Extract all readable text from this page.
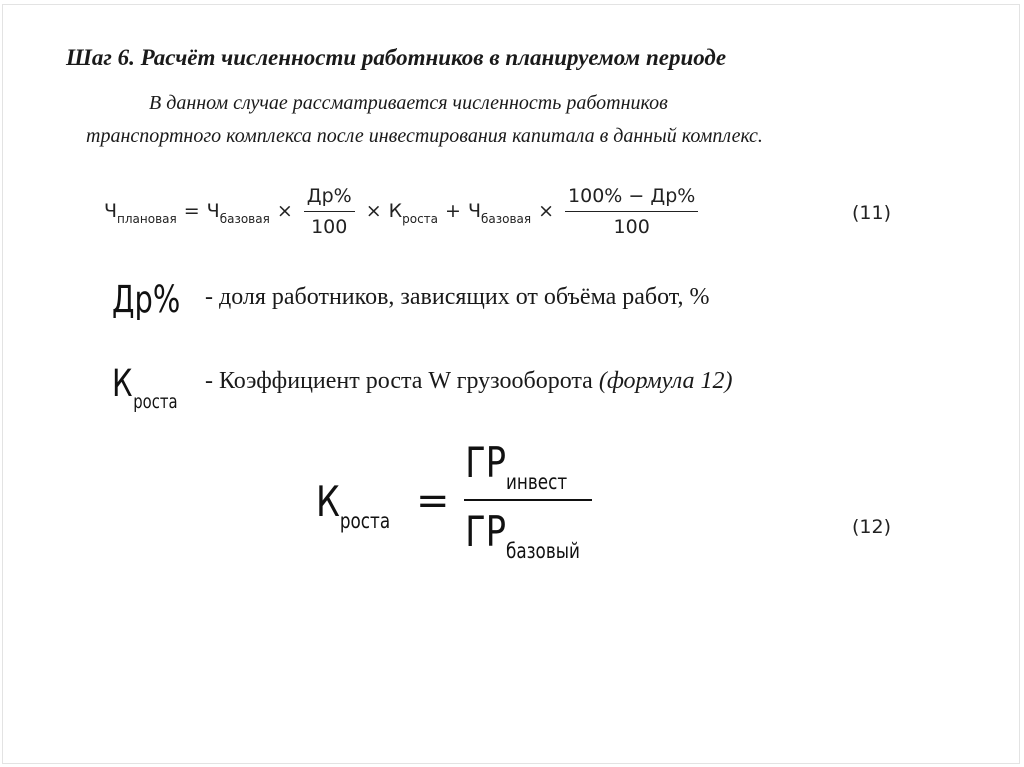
Шаг 6. Расчёт численности работников в планируемом периоде
В данном случае рассматривается численность работников
транспортного комплекса после инвестирования капитала в данный комплекс.
$Ч_{плановая} = Ч_{базовая} \times \frac{Др\%}{100} \times К_{роста} + Ч_{базовая} \times \frac{100\% - Др\%}{100}$	(11)
Др% - доля работников, зависящих от объёма работ, %
$К_{роста}$
- Коэффициент роста W грузооборота (формула 12)
$К_{роста} = \frac{ГР_{инвест}}{ГР_{базовый}}$	(12)
